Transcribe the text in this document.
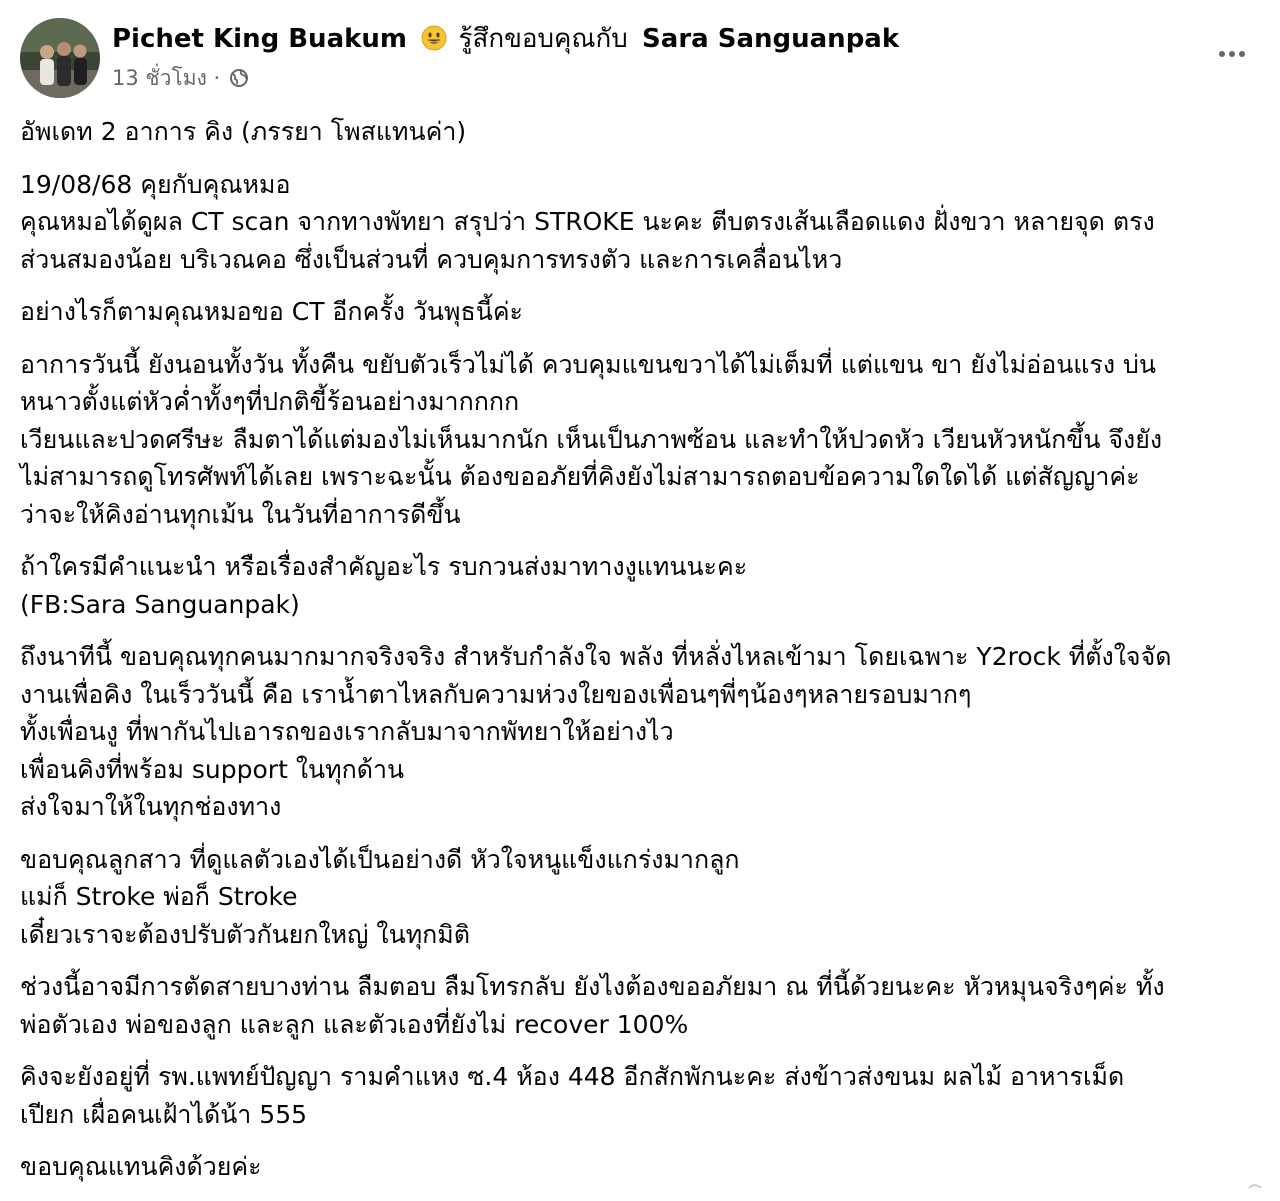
Pichet King Buakum รู้สึกขอบคุณกับ Sara Sanguanpak
13 ชั่วโมง ·
อัพเดท 2 อาการ คิง (ภรรยา โพสแทนค่า)
19/08/68 คุยกับคุณหมอ
คุณหมอได้ดูผล CT scan จากทางพัทยา สรุปว่า STROKE นะคะ ตีบตรงเส้นเลือดแดง ฝั่งขวา หลายจุด ตรง
ส่วนสมองน้อย บริเวณคอ ซึ่งเป็นส่วนที่ ควบคุมการทรงตัว และการเคลื่อนไหว
อย่างไรก็ตามคุณหมอขอ CT อีกครั้ง วันพุธนี้ค่ะ
อาการวันนี้ ยังนอนทั้งวัน ทั้งคืน ขยับตัวเร็วไม่ได้ ควบคุมแขนขวาได้ไม่เต็มที่ แต่แขน ขา ยังไม่อ่อนแรง บ่น
หนาวตั้งแต่หัวค่ำทั้งๆที่ปกติขี้ร้อนอย่างมากกกก
เวียนและปวดศรีษะ ลืมตาได้แต่มองไม่เห็นมากนัก เห็นเป็นภาพซ้อน และทำให้ปวดหัว เวียนหัวหนักขึ้น จึงยัง
ไม่สามารถดูโทรศัพท์ได้เลย เพราะฉะนั้น ต้องขออภัยที่คิงยังไม่สามารถตอบข้อความใดใดได้ แต่สัญญาค่ะ
ว่าจะให้คิงอ่านทุกเม้น ในวันที่อาการดีขึ้น
ถ้าใครมีคำแนะนำ หรือเรื่องสำคัญอะไร รบกวนส่งมาทางงูแทนนะคะ
(FB:Sara Sanguanpak)
ถึงนาทีนี้ ขอบคุณทุกคนมากมากจริงจริง สำหรับกำลังใจ พลัง ที่หลั่งไหลเข้ามา โดยเฉพาะ Y2rock ที่ตั้งใจจัด
งานเพื่อคิง ในเร็ววันนี้ คือ เราน้ำตาไหลกับความห่วงใยของเพื่อนๆพี่ๆน้องๆหลายรอบมากๆ
ทั้งเพื่อนงู ที่พากันไปเอารถของเรากลับมาจากพัทยาให้อย่างไว
เพื่อนคิงที่พร้อม support ในทุกด้าน
ส่งใจมาให้ในทุกช่องทาง
ขอบคุณลูกสาว ที่ดูแลตัวเองได้เป็นอย่างดี หัวใจหนูแข็งแกร่งมากลูก
แม่ก็ Stroke พ่อก็ Stroke
เดี๋ยวเราจะต้องปรับตัวกันยกใหญ่ ในทุกมิติ
ช่วงนี้อาจมีการตัดสายบางท่าน ลืมตอบ ลืมโทรกลับ ยังไงต้องขออภัยมา ณ ที่นี้ด้วยนะคะ หัวหมุนจริงๆค่ะ ทั้ง
พ่อตัวเอง พ่อของลูก และลูก และตัวเองที่ยังไม่ recover 100%
คิงจะยังอยู่ที่ รพ.แพทย์ปัญญา รามคำแหง ซ.4 ห้อง 448 อีกสักพักนะคะ ส่งข้าวส่งขนม ผลไม้ อาหารเม็ด
เปียก เผื่อคนเฝ้าได้น้า 555
ขอบคุณแทนคิงด้วยค่ะ
